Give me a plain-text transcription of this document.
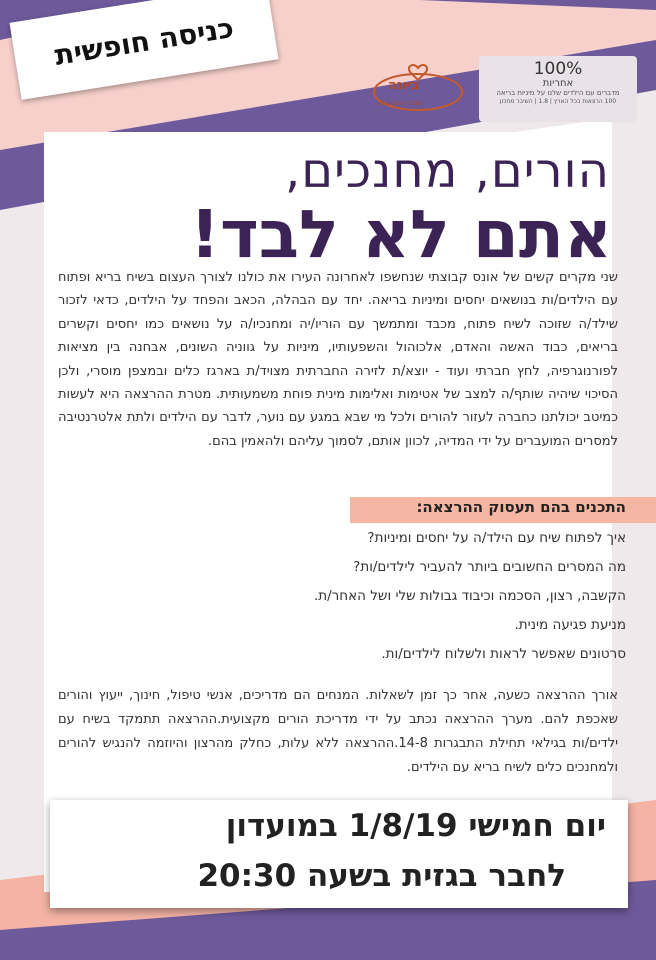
כניסה חופשית
ביונה
בשביל הכיוון הנכון
100%
אחריות
מדברים עם הילדים שלנו על מיניות בריאה
100 הרצאות בכל הארץ | 1.8 | השיבר מחכון
הורים, מחנכים,
אתם לא לבד!

שני מקרים קשים של אונס קבוצתי שנחשפו לאחרונה העירו את כולנו לצורך העצום בשיח בריא ופתוח עם הילדים/ות בנושאים יחסים ומיניות בריאה. יחד עם הבהלה, הכאב והפחד על הילדים, כדאי לזכור שילד/ה שזוכה לשיח פתוח, מכבד ומתמשך עם הוריו/יה ומחנכיו/ה על נושאים כמו יחסים וקשרים בריאים, כבוד האשה והאדם, אלכוהול והשפעותיו, מיניות על גווניה השונים, אבחנה בין מציאות לפורנוגרפיה, לחץ חברתי ועוד - יוצא/ת לזירה החברתית מצויד/ת בארגז כלים ובמצפן מוסרי, ולכן הסיכוי שיהיה שותף/ה למצב של אטימות ואלימות מינית פוחת משמעותית. מטרת ההרצאה היא לעשות כמיטב יכולתנו כחברה לעזור להורים ולכל מי שבא במגע עם נוער, לדבר עם הילדים ולתת אלטרנטיבה למסרים המועברים על ידי המדיה, לכוון אותם, לסמוך עליהם ולהאמין בהם.

התכנים בהם תעסוק ההרצאה:
איך לפתוח שיח עם הילד/ה על יחסים ומיניות?
מה המסרים החשובים ביותר להעביר לילדים/ות?
הקשבה, רצון, הסכמה וכיבוד גבולות שלי ושל האחר/ת.
מניעת פגיעה מינית.
סרטונים שאפשר לראות ולשלוח לילדים/ות.

אורך ההרצאה כשעה, אחר כך זמן לשאלות. המנחים הם מדריכים, אנשי טיפול, חינוך, ייעוץ והורים שאכפת להם. מערך ההרצאה נכתב על ידי מדריכת הורים מקצועית.ההרצאה תתמקד בשיח עם ילדים/ות בגילאי תחילת התבגרות 14-8.ההרצאה ללא עלות, כחלק מהרצון והיוזמה להנגיש להורים ולמחנכים כלים לשיח בריא עם הילדים.

יום חמישי 1/8/19 במועדון
לחבר בגזית בשעה 20:30
